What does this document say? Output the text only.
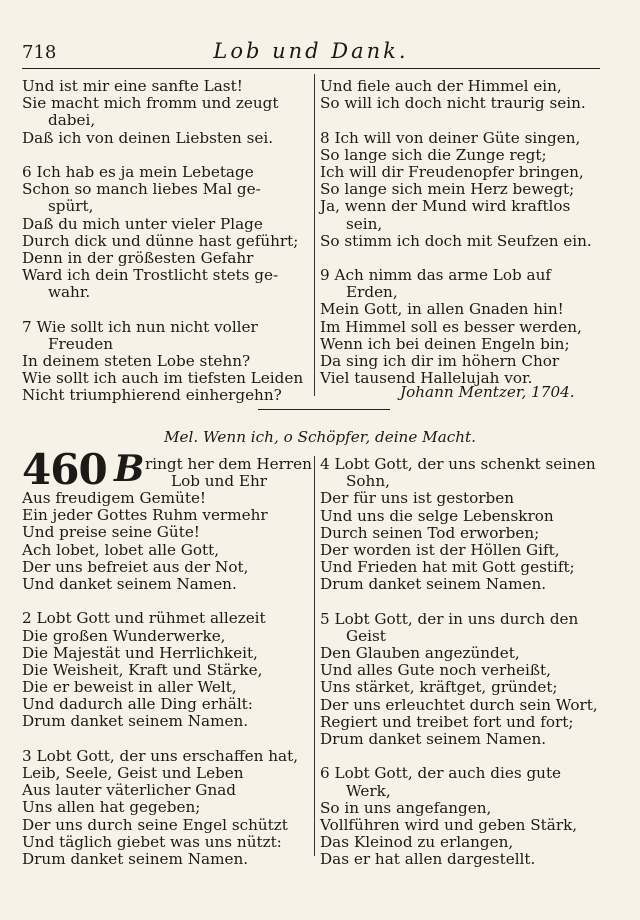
718	Lob und Dank.
Und ist mir eine sanfte Last!
Sie macht mich fromm und zeugt
dabei,
Daß ich von deinen Liebsten sei.
6 Ich hab es ja mein Lebetage
Schon so manch liebes Mal ge-
spürt,
Daß du mich unter vieler Plage
Durch dick und dünne hast geführt;
Denn in der größesten Gefahr
Ward ich dein Trostlicht stets ge-
wahr.
7 Wie sollt ich nun nicht voller
Freuden
In deinem steten Lobe stehn?
Wie sollt ich auch im tiefsten Leiden
Nicht triumphierend einhergehn?
Und fiele auch der Himmel ein,
So will ich doch nicht traurig sein.
8 Ich will von deiner Güte singen,
So lange sich die Zunge regt;
Ich will dir Freudenopfer bringen,
So lange sich mein Herz bewegt;
Ja, wenn der Mund wird kraftlos
sein,
So stimm ich doch mit Seufzen ein.
9 Ach nimm das arme Lob auf
Erden,
Mein Gott, in allen Gnaden hin!
Im Himmel soll es besser werden,
Wenn ich bei deinen Engeln bin;
Da sing ich dir im höhern Chor
Viel tausend Hallelujah vor.
Johann Mentzer, 1704.
Mel. Wenn ich, o Schöpfer, deine Macht.
460 B ringt her dem Herren
Lob und Ehr
Aus freudigem Gemüte!
Ein jeder Gottes Ruhm vermehr
Und preise seine Güte!
Ach lobet, lobet alle Gott,
Der uns befreiet aus der Not,
Und danket seinem Namen.
2 Lobt Gott und rühmet allezeit
Die großen Wunderwerke,
Die Majestät und Herrlichkeit,
Die Weisheit, Kraft und Stärke,
Die er beweist in aller Welt,
Und dadurch alle Ding erhält:
Drum danket seinem Namen.
3 Lobt Gott, der uns erschaffen hat,
Leib, Seele, Geist und Leben
Aus lauter väterlicher Gnad
Uns allen hat gegeben;
Der uns durch seine Engel schützt
Und täglich giebet was uns nützt:
Drum danket seinem Namen.
4 Lobt Gott, der uns schenkt seinen
Sohn,
Der für uns ist gestorben
Und uns die selge Lebenskron
Durch seinen Tod erworben;
Der worden ist der Höllen Gift,
Und Frieden hat mit Gott gestift;
Drum danket seinem Namen.
5 Lobt Gott, der in uns durch den
Geist
Den Glauben angezündet,
Und alles Gute noch verheißt,
Uns stärket, kräftget, gründet;
Der uns erleuchtet durch sein Wort,
Regiert und treibet fort und fort;
Drum danket seinem Namen.
6 Lobt Gott, der auch dies gute
Werk,
So in uns angefangen,
Vollführen wird und geben Stärk,
Das Kleinod zu erlangen,
Das er hat allen dargestellt.
